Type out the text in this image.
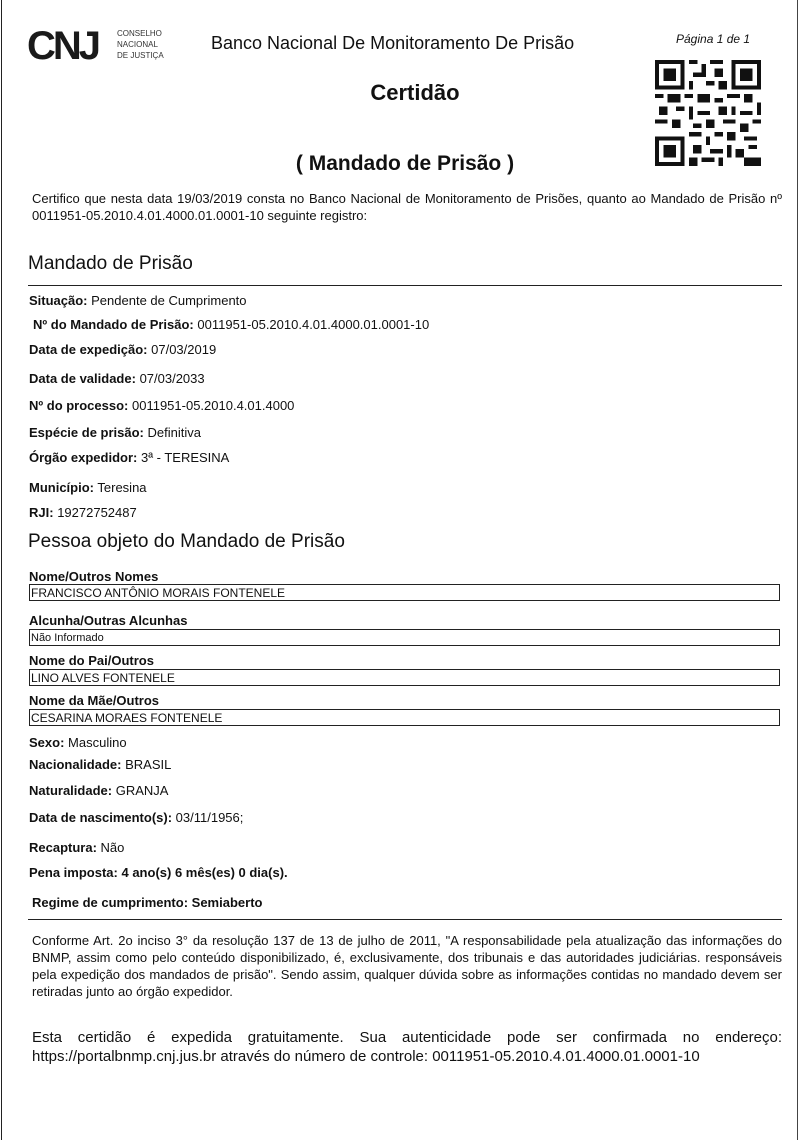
CNJ CONSELHO
NACIONAL
DE JUSTIÇA
Banco Nacional De Monitoramento De Prisão	Página 1 de 1
Certidão
( Mandado de Prisão )
Certifico que nesta data 19/03/2019 consta no Banco Nacional de Monitoramento de Prisões, quanto ao Mandado de Prisão nº 0011951-05.2010.4.01.4000.01.0001-10 seguinte registro:
Mandado de Prisão
Situação: Pendente de Cumprimento
Nº do Mandado de Prisão: 0011951-05.2010.4.01.4000.01.0001-10
Data de expedição: 07/03/2019
Data de validade: 07/03/2033
Nº do processo: 0011951-05.2010.4.01.4000
Espécie de prisão: Definitiva
Órgão expedidor: 3ª - TERESINA
Município: Teresina
RJI: 19272752487
Pessoa objeto do Mandado de Prisão
Nome/Outros Nomes
FRANCISCO ANTÔNIO MORAIS FONTENELE
Alcunha/Outras Alcunhas
Não Informado
Nome do Pai/Outros
LINO ALVES FONTENELE
Nome da Mãe/Outros
CESARINA MORAES FONTENELE
Sexo: Masculino
Nacionalidade: BRASIL
Naturalidade: GRANJA
Data de nascimento(s): 03/11/1956;
Recaptura: Não
Pena imposta: 4 ano(s) 6 mês(es) 0 dia(s).
Regime de cumprimento: Semiaberto
Conforme Art. 2o inciso 3° da resolução 137 de 13 de julho de 2011, "A responsabilidade pela atualização das informações do BNMP, assim como pelo conteúdo disponibilizado, é, exclusivamente, dos tribunais e das autoridades judiciárias. responsáveis pela expedição dos mandados de prisão". Sendo assim, qualquer dúvida sobre as informações contidas no mandado devem ser retiradas junto ao órgão expedidor.
Esta certidão é expedida gratuitamente. Sua autenticidade pode ser confirmada no endereço: https://portalbnmp.cnj.jus.br através do número de controle: 0011951-05.2010.4.01.4000.01.0001-10
